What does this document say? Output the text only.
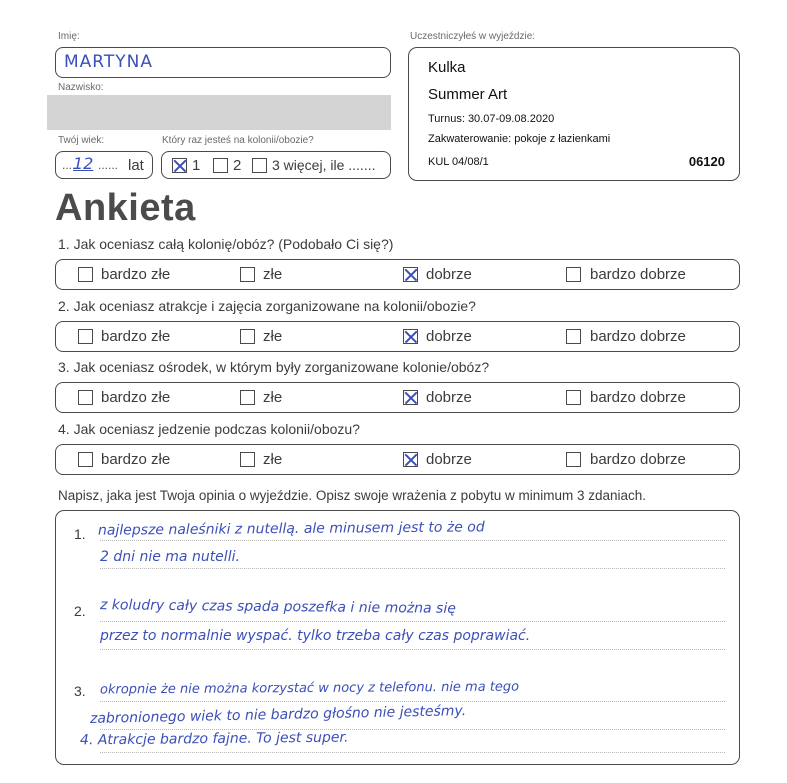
Imię:
MARTYNA
Nazwisko:
Twój wiek:
....
12 ...... lat
Który raz jesteś na kolonii/obozie?
1 2 3 więcej, ile .......
Uczestniczyłeś w wyjeździe:
Kulka
Summer Art
Turnus: 30.07-09.08.2020
Zakwaterowanie: pokoje z łazienkami
KUL 04/08/1	06120
Ankieta
1. Jak oceniasz całą kolonię/obóz? (Podobało Ci się?)
bardzo złe	złe	dobrze	bardzo dobrze
2. Jak oceniasz atrakcje i zajęcia zorganizowane na kolonii/obozie?
bardzo złe	złe	dobrze	bardzo dobrze
3. Jak oceniasz ośrodek, w którym były zorganizowane kolonie/obóz?
bardzo złe	złe	dobrze	bardzo dobrze
4. Jak oceniasz jedzenie podczas kolonii/obozu?
bardzo złe	złe	dobrze	bardzo dobrze
Napisz, jaka jest Twoja opinia o wyjeździe. Opisz swoje wrażenia z pobytu w minimum 3 zdaniach.
1.
2.
3.
najlepsze naleśniki z nutellą. ale minusem jest to że od
2 dni nie ma nutelli.
z koludry cały czas spada poszefka i nie można się
przez to normalnie wyspać. tylko trzeba cały czas poprawiać.
okropnie że nie można korzystać w nocy z telefonu. nie ma tego
zabronionego wiek to nie bardzo głośno nie jesteśmy.
4. Atrakcje bardzo fajne. To jest super.
